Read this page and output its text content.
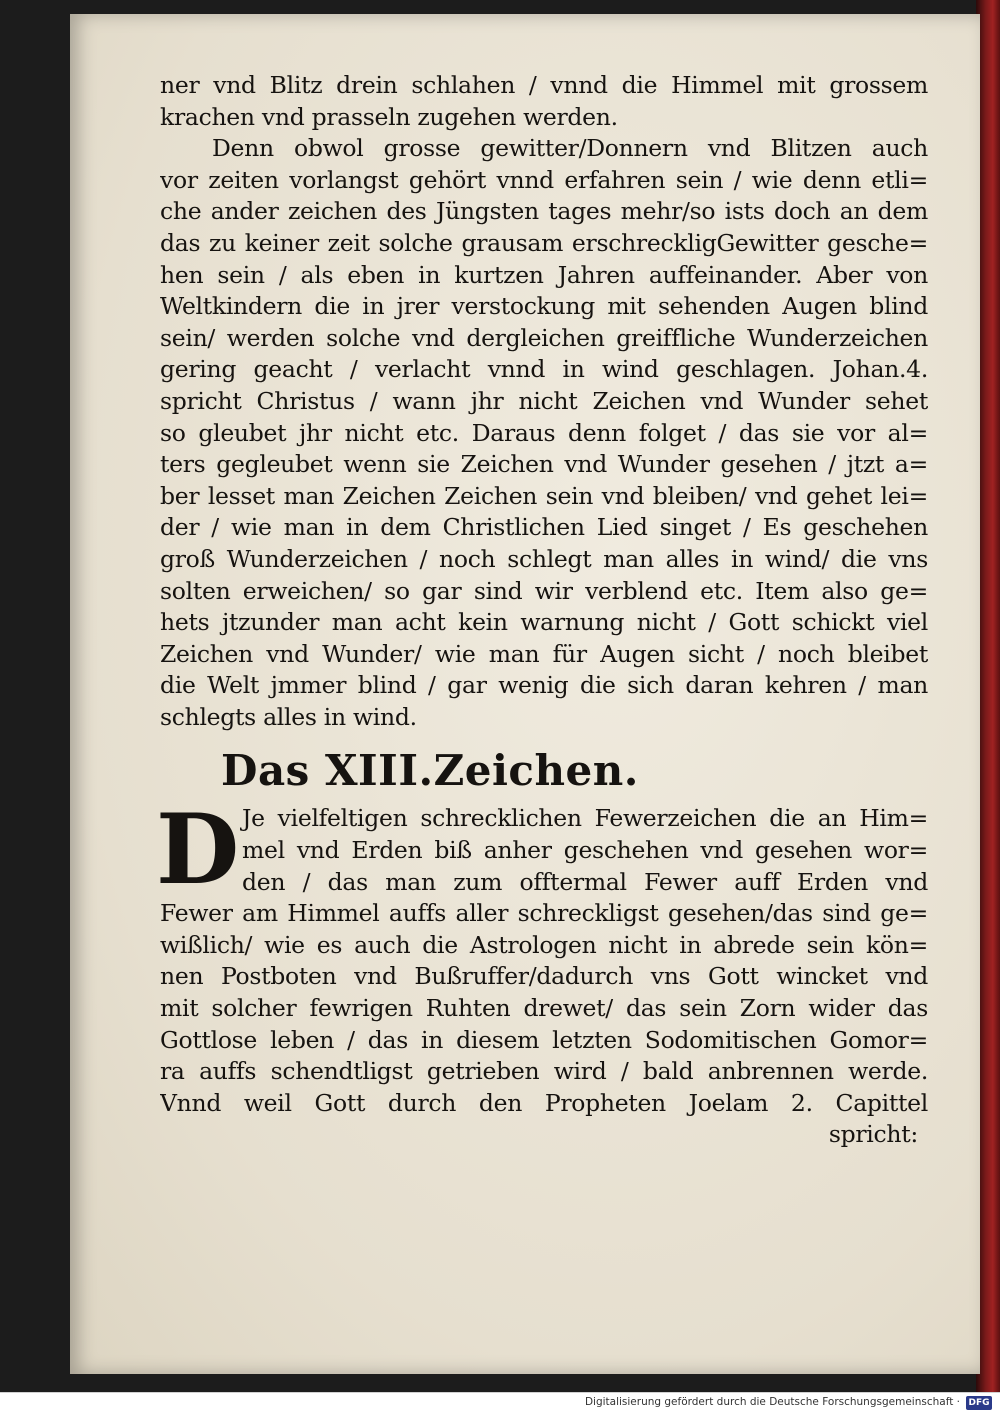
ner vnd Blitz drein schlahen / vnnd die Himmel mit grossem
krachen vnd prasseln zugehen werden.
Denn obwol grosse gewitter/Donnern vnd Blitzen auch
vor zeiten vorlangst gehört vnnd erfahren sein / wie denn etli=
che ander zeichen des Jüngsten tages mehr/so ists doch an dem
das zu keiner zeit solche grausam erschreckligGewitter gesche=
hen sein / als eben in kurtzen Jahren auffeinander. Aber von
Weltkindern die in jrer verstockung mit sehenden Augen blind
sein/ werden solche vnd dergleichen greiffliche Wunderzeichen
gering geacht / verlacht vnnd in wind geschlagen. Johan.4.
spricht Christus / wann jhr nicht Zeichen vnd Wunder sehet
so gleubet jhr nicht etc. Daraus denn folget / das sie vor al=
ters gegleubet wenn sie Zeichen vnd Wunder gesehen / jtzt a=
ber lesset man Zeichen Zeichen sein vnd bleiben/ vnd gehet lei=
der / wie man in dem Christlichen Lied singet / Es geschehen
groß Wunderzeichen / noch schlegt man alles in wind/ die vns
solten erweichen/ so gar sind wir verblend etc. Item also ge=
hets jtzunder man acht kein warnung nicht / Gott schickt viel
Zeichen vnd Wunder/ wie man für Augen sicht / noch bleibet
die Welt jmmer blind / gar wenig die sich daran kehren / man
schlegts alles in wind.
Das XIII.Zeichen.
D Je vielfeltigen schrecklichen Fewerzeichen die an Him=
mel vnd Erden biß anher geschehen vnd gesehen wor=
den / das man zum offtermal Fewer auff Erden vnd
Fewer am Himmel auffs aller schreckligst gesehen/das sind ge=
wißlich/ wie es auch die Astrologen nicht in abrede sein kön=
nen Postboten vnd Bußruffer/dadurch vns Gott wincket vnd
mit solcher fewrigen Ruhten drewet/ das sein Zorn wider das
Gottlose leben / das in diesem letzten Sodomitischen Gomor=
ra auffs schendtligst getrieben wird / bald anbrennen werde.
Vnnd weil Gott durch den Propheten Joelam 2. Capittel
spricht:
Digitalisierung gefördert durch die Deutsche Forschungsgemeinschaft · DFG
